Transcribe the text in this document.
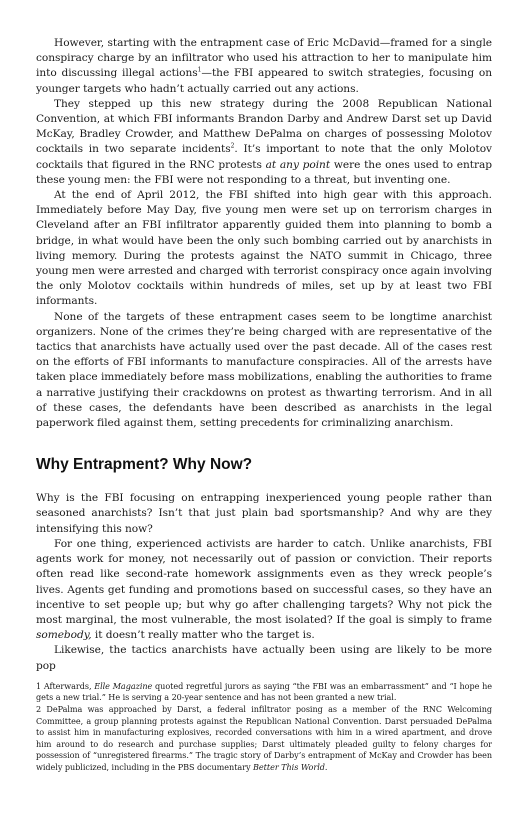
However, starting with the entrapment case of Eric McDavid—framed for a single conspiracy charge by an infiltrator who used his attraction to her to manipulate him into discussing illegal actions$^1$—the FBI appeared to switch strategies, focusing on younger targets who hadn’t actually carried out any actions.

They stepped up this new strategy during the 2008 Republican National Convention, at which FBI informants Brandon Darby and Andrew Darst set up David McKay, Bradley Crowder, and Matthew DePalma on charges of possessing Molotov cocktails in two separate incidents$^2$. It’s important to note that the only Molotov cocktails that figured in the RNC protests at any point were the ones used to entrap these young men: the FBI were not responding to a threat, but inventing one.

At the end of April 2012, the FBI shifted into high gear with this approach. Immediately before May Day, five young men were set up on terrorism charges in Cleveland after an FBI infiltrator apparently guided them into planning to bomb a bridge, in what would have been the only such bombing carried out by anarchists in living memory. During the protests against the NATO summit in Chicago, three young men were arrested and charged with terrorist conspiracy once again involving the only Molotov cocktails within hundreds of miles, set up by at least two FBI informants.

None of the targets of these entrapment cases seem to be longtime anarchist organizers. None of the crimes they’re being charged with are representative of the tactics that anarchists have actually used over the past decade. All of the cases rest on the efforts of FBI informants to manufacture conspiracies. All of the arrests have taken place immediately before mass mobilizations, enabling the authorities to frame a narrative justifying their crackdowns on protest as thwarting terrorism. And in all of these cases, the defendants have been described as anarchists in the legal paperwork filed against them, setting precedents for criminalizing anarchism.

Why Entrapment? Why Now?

Why is the FBI focusing on entrapping inexperienced young people rather than seasoned anarchists? Isn’t that just plain bad sportsmanship? And why are they intensifying this now?

For one thing, experienced activists are harder to catch. Unlike anarchists, FBI agents work for money, not necessarily out of passion or conviction. Their reports often read like second-rate homework assignments even as they wreck people’s lives. Agents get funding and promotions based on successful cases, so they have an incentive to set people up; but why go after challenging targets? Why not pick the most marginal, the most vulnerable, the most isolated? If the goal is simply to frame somebody, it doesn’t really matter who the target is.

Likewise, the tactics anarchists have actually been using are likely to be more pop

1 Afterwards, Elle Magazine quoted regretful jurors as saying “the FBI was an embarrassment” and “I hope he gets a new trial.” He is serving a 20-year sentence and has not been granted a new trial.

2 DePalma was approached by Darst, a federal infiltrator posing as a member of the RNC Welcoming Committee, a group planning protests against the Republican National Convention. Darst persuaded DePalma to assist him in manufacturing explosives, recorded conversations with him in a wired apartment, and drove him around to do research and purchase supplies; Darst ultimately pleaded guilty to felony charges for possession of “unregistered firearms.” The tragic story of Darby’s entrapment of McKay and Crowder has been widely publicized, including in the PBS documentary Better This World.
